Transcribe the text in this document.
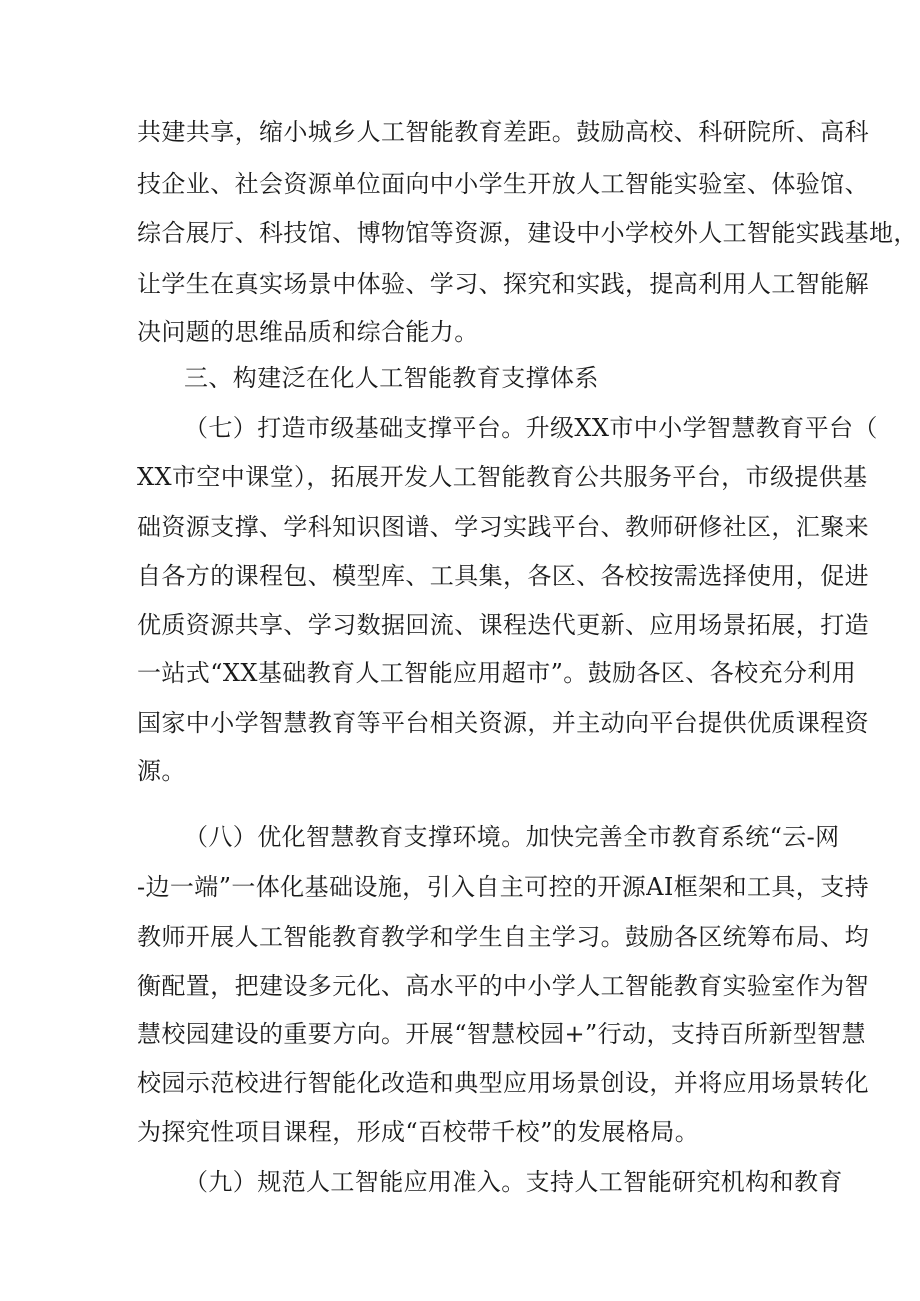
共建共享，缩小城乡人工智能教育差距。鼓励高校、科研院所、高科
技企业、社会资源单位面向中小学生开放人工智能实验室、体验馆、
综合展厅、科技馆、博物馆等资源，建设中小学校外人工智能实践基地，
让学生在真实场景中体验、学习、探究和实践，提高利用人工智能解
决问题的思维品质和综合能力。
三、构建泛在化人工智能教育支撑体系
（七）打造市级基础支撑平台。升级XX市中小学智慧教育平台（
XX市空中课堂），拓展开发人工智能教育公共服务平台，市级提供基
础资源支撑、学科知识图谱、学习实践平台、教师研修社区，汇聚来
自各方的课程包、模型库、工具集，各区、各校按需选择使用，促进
优质资源共享、学习数据回流、课程迭代更新、应用场景拓展，打造
一站式“XX基础教育人工智能应用超市”。鼓励各区、各校充分利用
国家中小学智慧教育等平台相关资源，并主动向平台提供优质课程资
源。
（八）优化智慧教育支撑环境。加快完善全市教育系统“云-网
-边一端”一体化基础设施，引入自主可控的开源AI框架和工具，支持
教师开展人工智能教育教学和学生自主学习。鼓励各区统筹布局、均
衡配置，把建设多元化、高水平的中小学人工智能教育实验室作为智
慧校园建设的重要方向。开展“智慧校园+”行动，支持百所新型智慧
校园示范校进行智能化改造和典型应用场景创设，并将应用场景转化
为探究性项目课程，形成“百校带千校”的发展格局。
（九）规范人工智能应用准入。支持人工智能研究机构和教育
